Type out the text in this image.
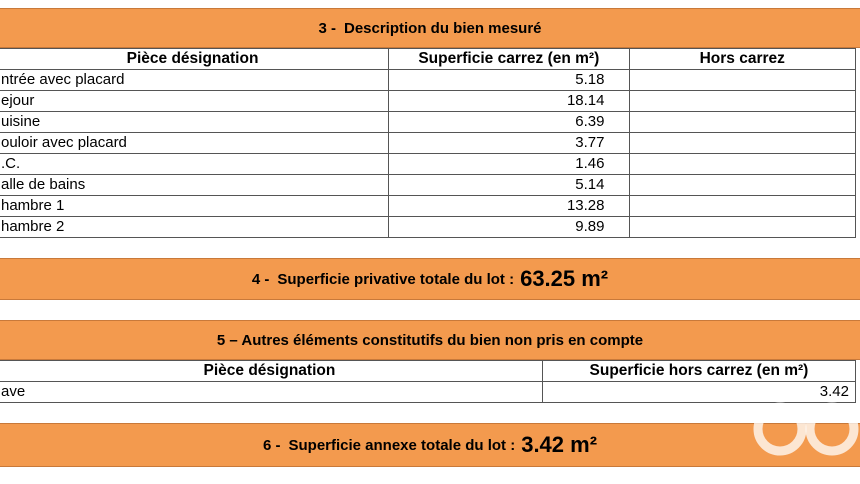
3 - Description du bien mesuré
Pièce désignation	Superficie carrez (en m²)	Hors carrez
ntrée avec placard	5.18	
ejour	18.14	
uisine	6.39	
ouloir avec placard	3.77	
.C.	1.46	
alle de bains	5.14	
hambre 1	13.28	
hambre 2	9.89	
4 - Superficie privative totale du lot : 63.25 m²
5 – Autres éléments constitutifs du bien non pris en compte
Pièce désignation	Superficie hors carrez (en m²)
ave	3.42
6 - Superficie annexe totale du lot : 3.42 m²
